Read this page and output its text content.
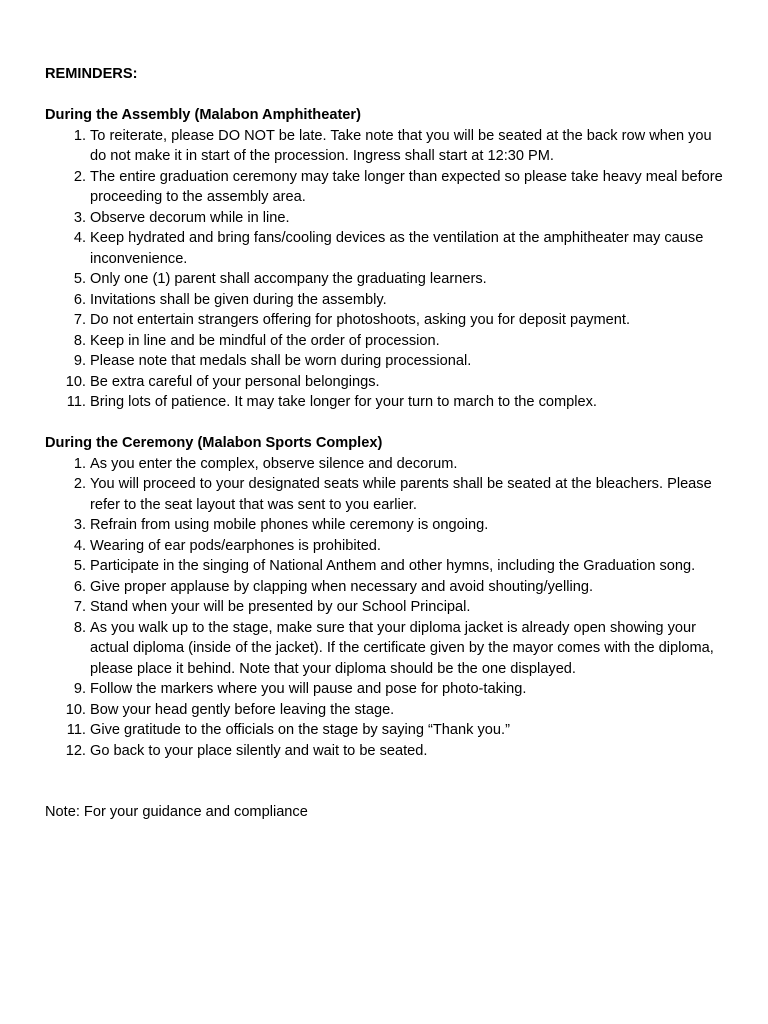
REMINDERS:

During the Assembly (Malabon Amphitheater)

1. To reiterate, please DO NOT be late. Take note that you will be seated at the back row when you do not make it in start of the procession. Ingress shall start at 12:30 PM.
2. The entire graduation ceremony may take longer than expected so please take heavy meal before proceeding to the assembly area.
3. Observe decorum while in line.
4. Keep hydrated and bring fans/cooling devices as the ventilation at the amphitheater may cause inconvenience.
5. Only one (1) parent shall accompany the graduating learners.
6. Invitations shall be given during the assembly.
7. Do not entertain strangers offering for photoshoots, asking you for deposit payment.
8. Keep in line and be mindful of the order of procession.
9. Please note that medals shall be worn during processional.
10. Be extra careful of your personal belongings.
11. Bring lots of patience. It may take longer for your turn to march to the complex.

During the Ceremony (Malabon Sports Complex)

1. As you enter the complex, observe silence and decorum.
2. You will proceed to your designated seats while parents shall be seated at the bleachers. Please refer to the seat layout that was sent to you earlier.
3. Refrain from using mobile phones while ceremony is ongoing.
4. Wearing of ear pods/earphones is prohibited.
5. Participate in the singing of National Anthem and other hymns, including the Graduation song.
6. Give proper applause by clapping when necessary and avoid shouting/yelling.
7. Stand when your will be presented by our School Principal.
8. As you walk up to the stage, make sure that your diploma jacket is already open showing your actual diploma (inside of the jacket). If the certificate given by the mayor comes with the diploma, please place it behind. Note that your diploma should be the one displayed.
9. Follow the markers where you will pause and pose for photo-taking.
10. Bow your head gently before leaving the stage.
11. Give gratitude to the officials on the stage by saying “Thank you.”
12. Go back to your place silently and wait to be seated.

Note: For your guidance and compliance
